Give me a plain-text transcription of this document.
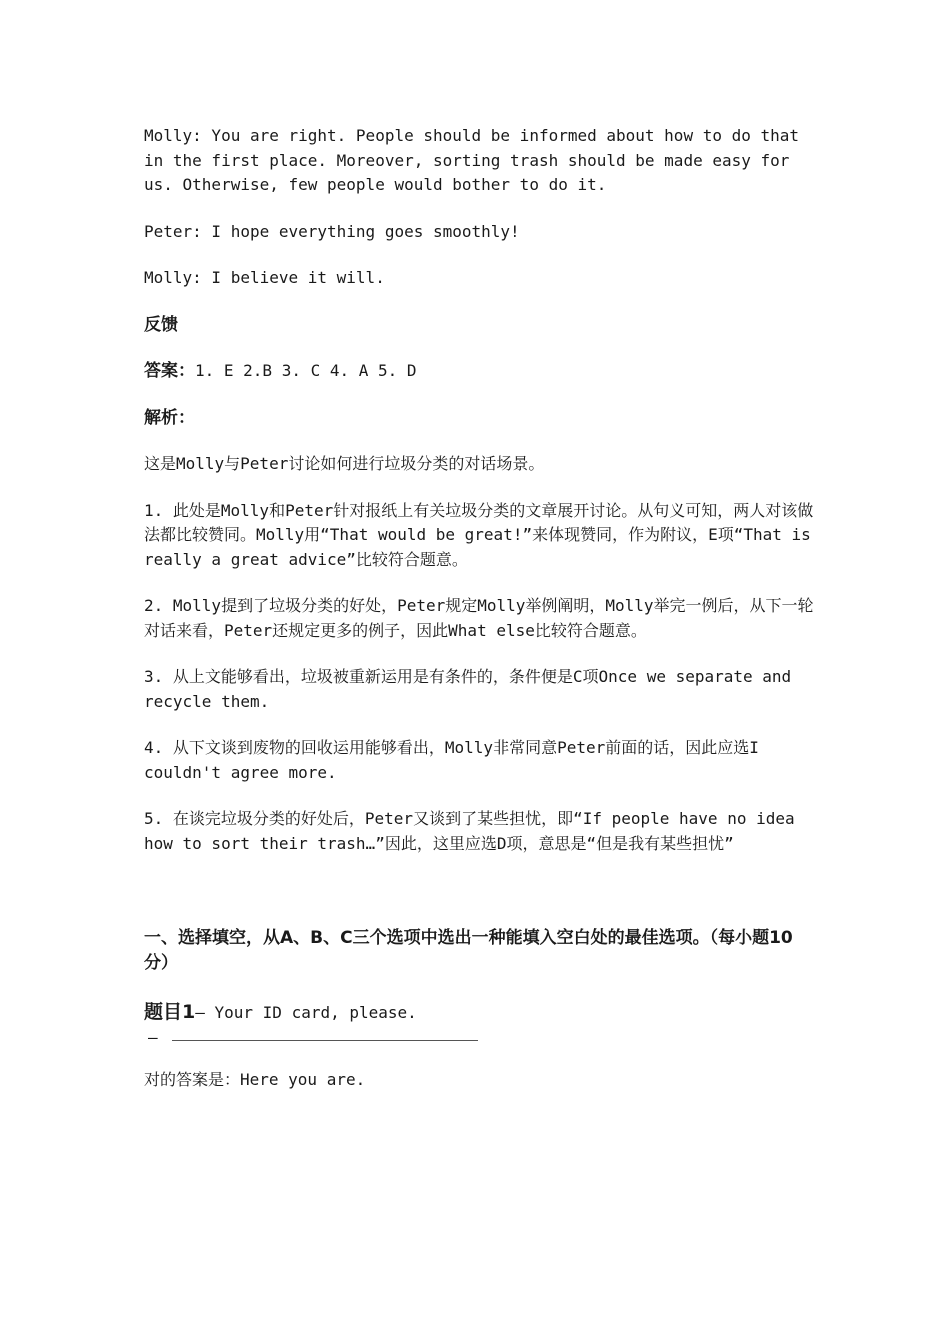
Molly: You are right. People should be informed about how to do that in the first place. Moreover, sorting trash should be made easy for us. Otherwise, few people would bother to do it.

Peter: I hope everything goes smoothly!

Molly: I believe it will.

反馈

答案：1. E 2.B 3. C 4. A 5. D

解析：

这是Molly与Peter讨论如何进行垃圾分类的对话场景。

1. 此处是Molly和Peter针对报纸上有关垃圾分类的文章展开讨论。从句义可知，两人对该做法都比较赞同。Molly用“That would be great!”来体现赞同，作为附议，E项“That is really a great advice”比较符合题意。

2. Molly提到了垃圾分类的好处，Peter规定Molly举例阐明，Molly举完一例后，从下一轮对话来看，Peter还规定更多的例子，因此What else比较符合题意。

3. 从上文能够看出，垃圾被重新运用是有条件的，条件便是C项Once we separate and recycle them.

4. 从下文谈到废物的回收运用能够看出，Molly非常同意Peter前面的话，因此应选I couldn't agree more.

5. 在谈完垃圾分类的好处后，Peter又谈到了某些担忧，即“If people have no idea how to sort their trash…”因此，这里应选D项，意思是“但是我有某些担忧”

一、选择填空，从A、B、C三个选项中选出一种能填入空白处的最佳选项。（每小题10分）

题目1– Your ID card, please.

–

对的答案是：Here you are.
